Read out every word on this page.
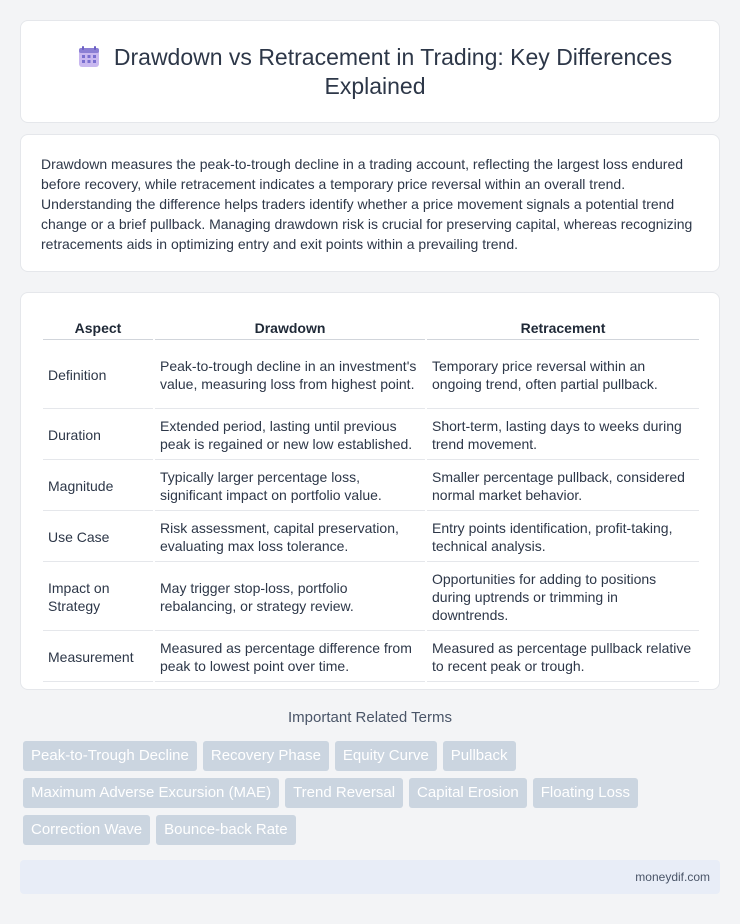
Drawdown vs Retracement in Trading: Key Differences Explained

Drawdown measures the peak-to-trough decline in a trading account, reflecting the largest loss endured before recovery, while retracement indicates a temporary price reversal within an overall trend. Understanding the difference helps traders identify whether a price movement signals a potential trend change or a brief pullback. Managing drawdown risk is crucial for preserving capital, whereas recognizing retracements aids in optimizing entry and exit points within a prevailing trend.

Aspect	Drawdown	Retracement
Definition	Peak-to-trough decline in an investment's value, measuring loss from highest point.	Temporary price reversal within an ongoing trend, often partial pullback.
Duration	Extended period, lasting until previous peak is regained or new low established.	Short-term, lasting days to weeks during trend movement.
Magnitude	Typically larger percentage loss, significant impact on portfolio value.	Smaller percentage pullback, considered normal market behavior.
Use Case	Risk assessment, capital preservation, evaluating max loss tolerance.	Entry points identification, profit-taking, technical analysis.
Impact on Strategy	May trigger stop-loss, portfolio rebalancing, or strategy review.	Opportunities for adding to positions during uptrends or trimming in downtrends.
Measurement	Measured as percentage difference from peak to lowest point over time.	Measured as percentage pullback relative to recent peak or trough.
Important Related Terms
Peak-to-Trough Decline	Recovery Phase	Equity Curve	Pullback
Maximum Adverse Excursion (MAE)	Trend Reversal	Capital Erosion	Floating Loss
Correction Wave	Bounce-back Rate
moneydif.com
